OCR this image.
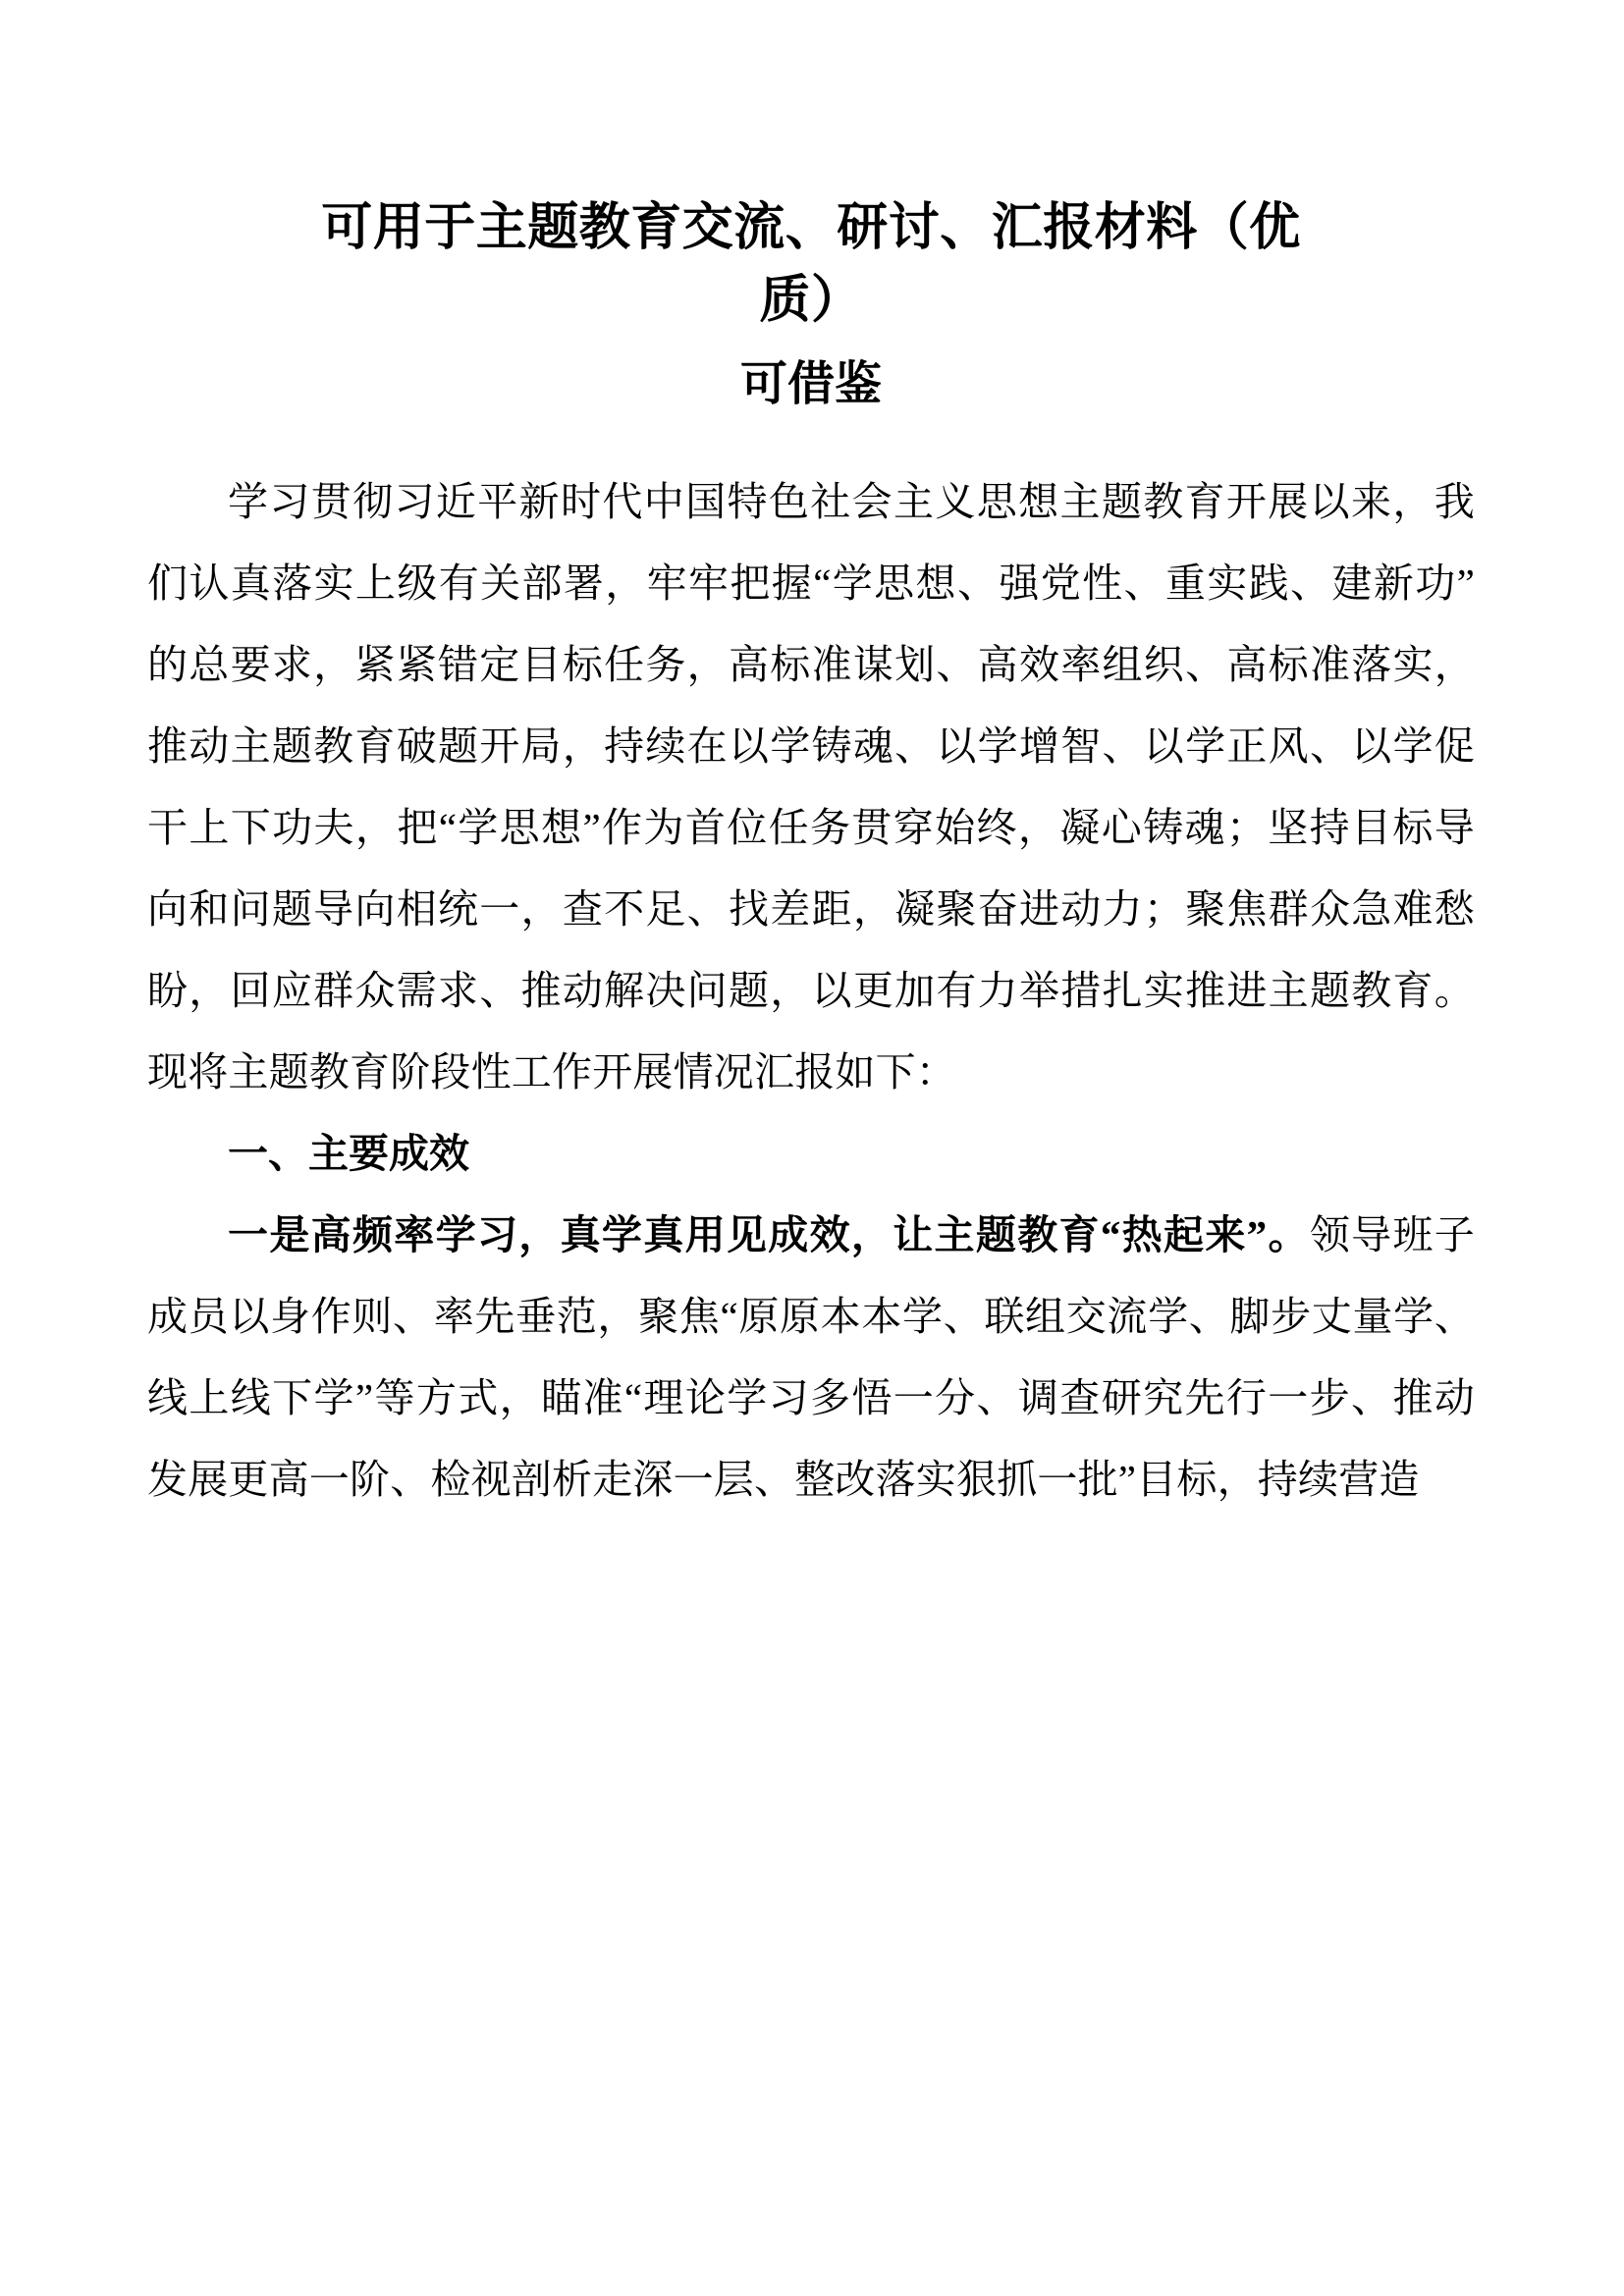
可用于主题教育交流、研讨、汇报材料（优
质）
可借鉴

学习贯彻习近平新时代中国特色社会主义思想主题教育开展以来，我们认真落实上级有关部署，牢牢把握“学思想、强党性、重实践、建新功”的总要求，紧紧错定目标任务，高标准谋划、高效率组织、高标准落实，推动主题教育破题开局，持续在以学铸魂、以学增智、以学正风、以学促干上下功夫，把“学思想”作为首位任务贯穿始终，凝心铸魂；坚持目标导向和问题导向相统一，查不足、找差距，凝聚奋进动力；聚焦群众急难愁盼，回应群众需求、推动解决问题，以更加有力举措扎实推进主题教育。现将主题教育阶段性工作开展情况汇报如下：

一、主要成效

一是高频率学习，真学真用见成效，让主题教育“热起来”。领导班子成员以身作则、率先垂范，聚焦“原原本本学、联组交流学、脚步丈量学、线上线下学”等方式，瞄准“理论学习多悟一分、调查研究先行一步、推动发展更高一阶、检视剖析走深一层、整改落实狠抓一批”目标，持续营造
